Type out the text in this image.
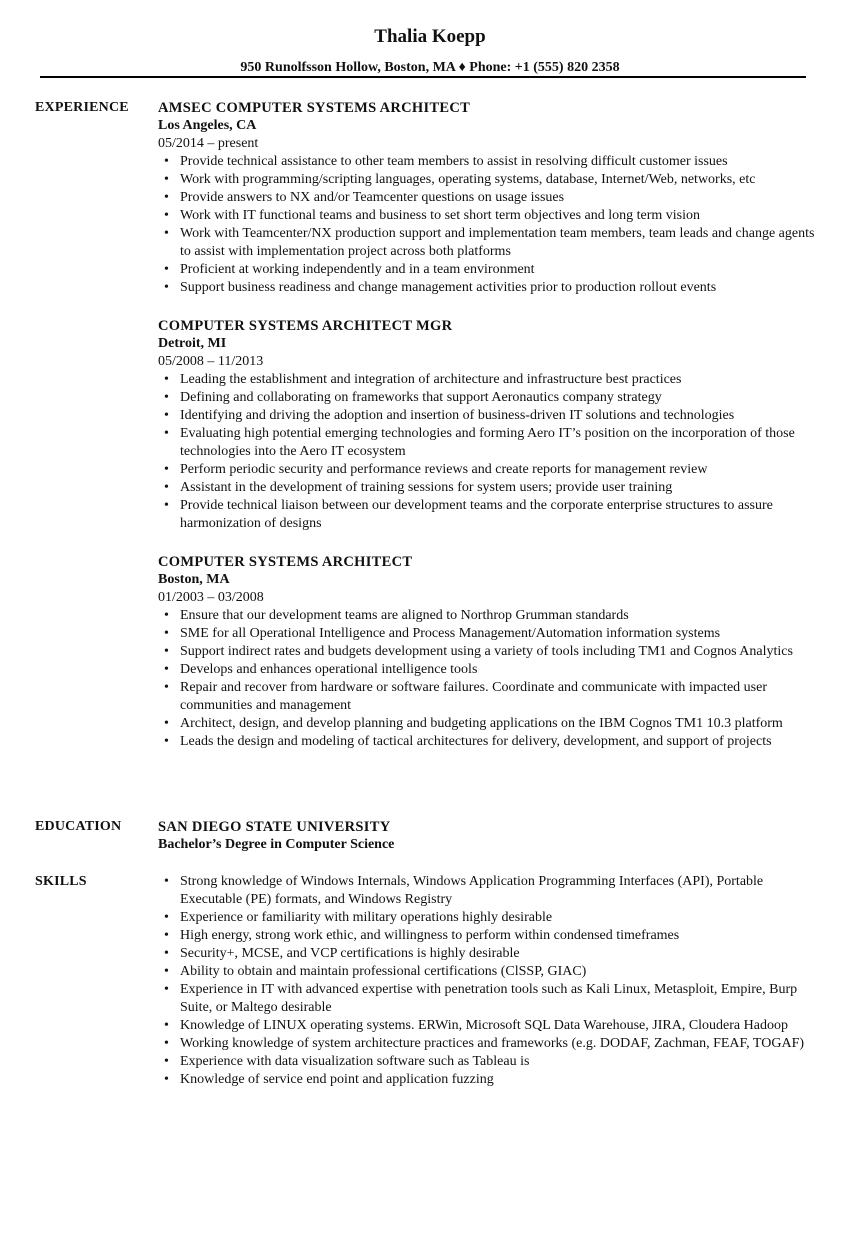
Thalia Koepp
950 Runolfsson Hollow, Boston, MA ♦ Phone: +1 (555) 820 2358
EXPERIENCE AMSEC COMPUTER SYSTEMS ARCHITECT
Los Angeles, CA
05/2014 – present
• Provide technical assistance to other team members to assist in resolving difficult customer issues
• Work with programming/scripting languages, operating systems, database, Internet/Web, networks, etc
• Provide answers to NX and/or Teamcenter questions on usage issues
• Work with IT functional teams and business to set short term objectives and long term vision
• Work with Teamcenter/NX production support and implementation team members, team leads and change agents to assist with implementation project across both platforms
• Proficient at working independently and in a team environment
• Support business readiness and change management activities prior to production rollout events
COMPUTER SYSTEMS ARCHITECT MGR
Detroit, MI
05/2008 – 11/2013
• Leading the establishment and integration of architecture and infrastructure best practices
• Defining and collaborating on frameworks that support Aeronautics company strategy
• Identifying and driving the adoption and insertion of business-driven IT solutions and technologies
• Evaluating high potential emerging technologies and forming Aero IT’s position on the incorporation of those technologies into the Aero IT ecosystem
• Perform periodic security and performance reviews and create reports for management review
• Assistant in the development of training sessions for system users; provide user training
• Provide technical liaison between our development teams and the corporate enterprise structures to assure harmonization of designs
COMPUTER SYSTEMS ARCHITECT
Boston, MA
01/2003 – 03/2008
• Ensure that our development teams are aligned to Northrop Grumman standards
• SME for all Operational Intelligence and Process Management/Automation information systems
• Support indirect rates and budgets development using a variety of tools including TM1 and Cognos Analytics
• Develops and enhances operational intelligence tools
• Repair and recover from hardware or software failures. Coordinate and communicate with impacted user communities and management
• Architect, design, and develop planning and budgeting applications on the IBM Cognos TM1 10.3 platform
• Leads the design and modeling of tactical architectures for delivery, development, and support of projects
EDUCATION	SAN DIEGO STATE UNIVERSITY
Bachelor’s Degree in Computer Science
SKILLS	• Strong knowledge of Windows Internals, Windows Application Programming Interfaces (API), Portable Executable (PE) formats, and Windows Registry
• Experience or familiarity with military operations highly desirable
• High energy, strong work ethic, and willingness to perform within condensed timeframes
• Security+, MCSE, and VCP certifications is highly desirable
• Ability to obtain and maintain professional certifications (ClSSP, GIAC)
• Experience in IT with advanced expertise with penetration tools such as Kali Linux, Metasploit, Empire, Burp Suite, or Maltego desirable
• Knowledge of LINUX operating systems. ERWin, Microsoft SQL Data Warehouse, JIRA, Cloudera Hadoop
• Working knowledge of system architecture practices and frameworks (e.g. DODAF, Zachman, FEAF, TOGAF)
• Experience with data visualization software such as Tableau is
• Knowledge of service end point and application fuzzing
